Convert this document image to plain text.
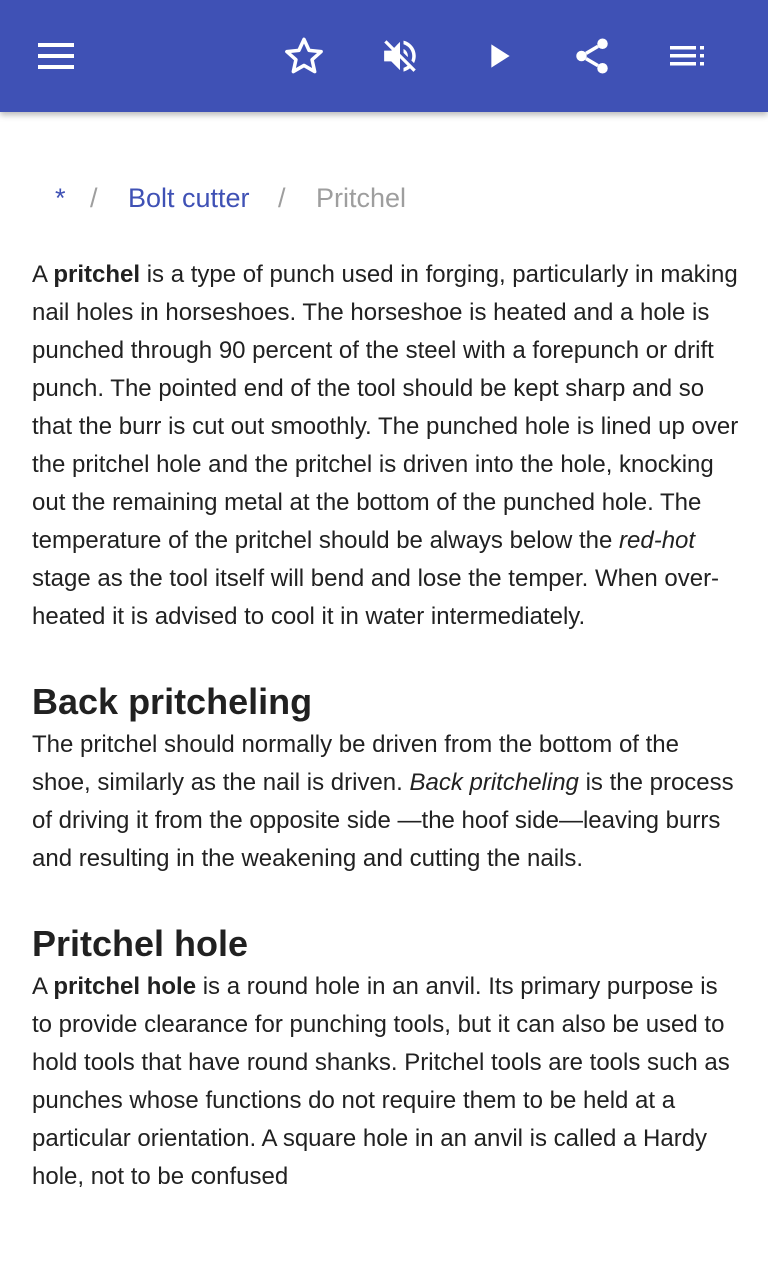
* / Bolt cutter / Pritchel

A pritchel is a type of punch used in forging, particularly in making nail holes in horseshoes. The horseshoe is heated and a hole is punched through 90 percent of the steel with a forepunch or drift punch. The pointed end of the tool should be kept sharp and so that the burr is cut out smoothly. The punched hole is lined up over the pritchel hole and the pritchel is driven into the hole, knocking out the remaining metal at the bottom of the punched hole. The temperature of the pritchel should be always below the red-hot stage as the tool itself will bend and lose the temper. When over-heated it is advised to cool it in water intermediately.

Back pritcheling

The pritchel should normally be driven from the bottom of the shoe, similarly as the nail is driven. Back pritcheling is the process of driving it from the opposite side —the hoof side—leaving burrs and resulting in the weakening and cutting the nails.

Pritchel hole

A pritchel hole is a round hole in an anvil. Its primary purpose is to provide clearance for punching tools, but it can also be used to hold tools that have round shanks. Pritchel tools are tools such as punches whose functions do not require them to be held at a particular orientation. A square hole in an anvil is called a Hardy hole, not to be confused
